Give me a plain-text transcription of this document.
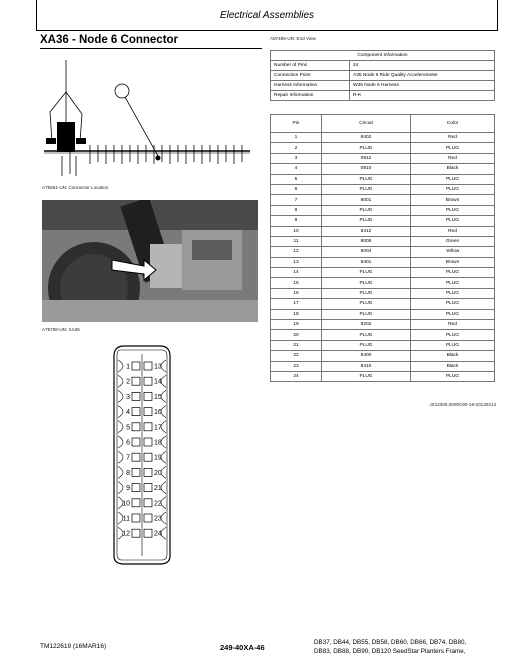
Electrical Assemblies
XA36 - Node 6 Connector	A87489-UN: End View
A75861-UN: Connector Location
A75758-UN: XA36
1
2
3
4
5
6
7
8
9
10
11
12
13
14
15
16
17
18
19
20
21
22
23
24
Component Information	
Number of Pins	24
Connection Point	A35 Node 6 Ride Quality Accelerometer
Harness Information	W35 Node 6 Harness
Repair Information	R-K
Pin	Circuit	Color
1	8402	Red
2	PLUG	PLUG
3	0912	Red
4	0910	Black
5	PLUG	PLUG
6	PLUG	PLUG
7	8001	Brown
8	PLUG	PLUG
9	PLUG	PLUG
10	8412	Red
11	8005	Green
12	8004	Yellow
13	8401	Brown
14	PLUG	PLUG
15	PLUG	PLUG
16	PLUG	PLUG
17	PLUG	PLUG
18	PLUG	PLUG
19	8202	Red
20	PLUG	PLUG
21	PLUG	PLUG
22	8400	Black
23	8410	Black
24	PLUG	PLUG
JS12305,0000C90-19-20130214
TM122619 (16MAR16)	249-40XA-46
DB37, DB44, DB55, DB58, DB60, DB66, DB74, DB80,
DB83, DB88, DB90, DB120 SeedStar Planters Frame,
